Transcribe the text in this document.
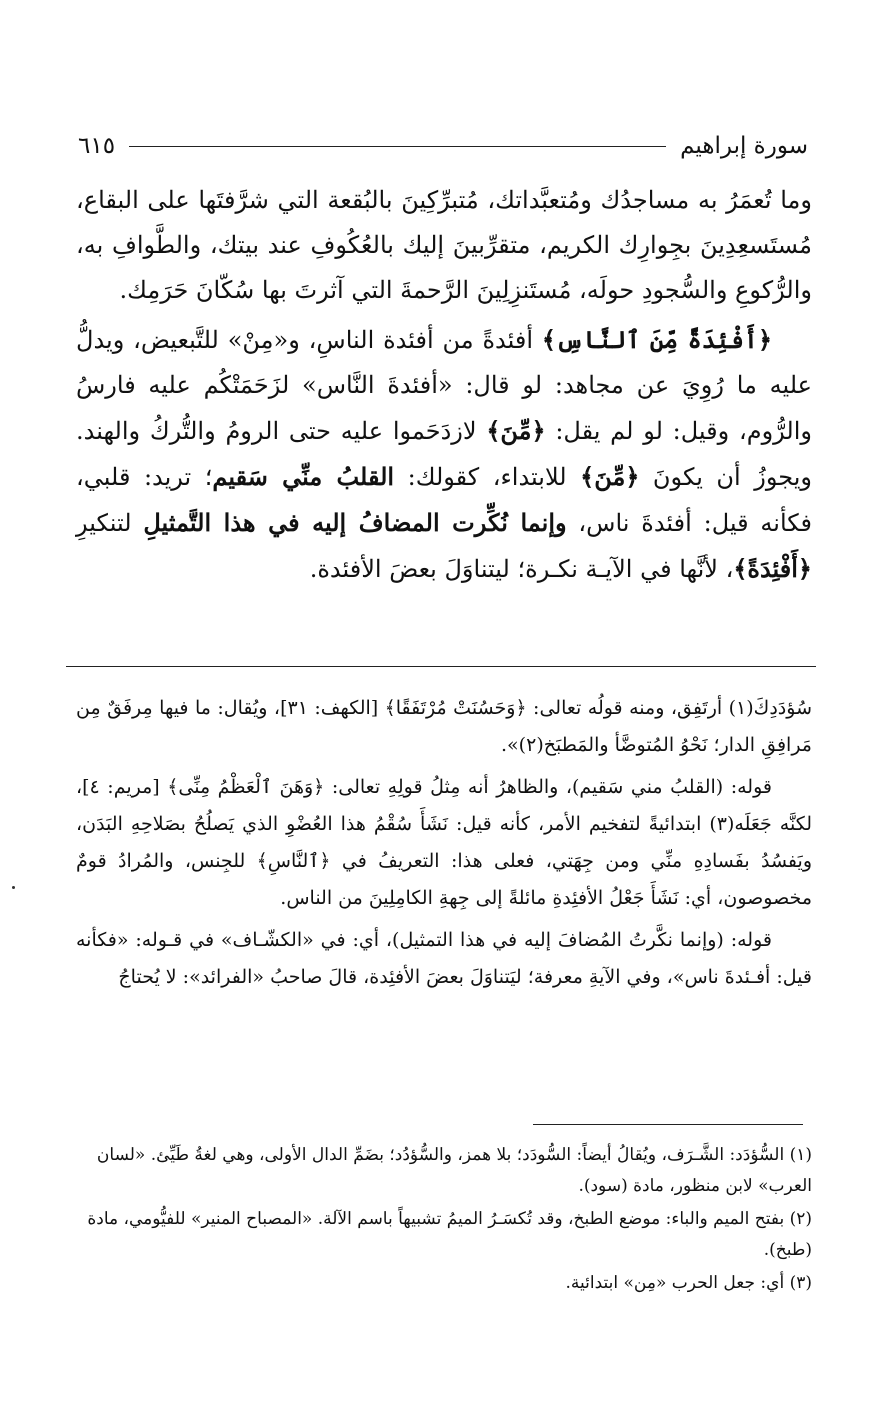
سورة إبراهيم
٦١٥

وما تُعمَرُ به مساجدُك ومُتعبَّداتك، مُتبرِّكِينَ بالبُقعة التي شرَّفتَها على البقاع، مُستَسعِدِينَ بجِوارِك الكريم، متقرِّبينَ إليك بالعُكُوفِ عند بيتك، والطَّوافِ به، والرُّكوعِ والسُّجودِ حولَه، مُستَنزِلِينَ الرَّحمةَ التي آثرتَ بها سُكّانَ حَرَمِك.

﴿أَفْئِدَةً مِّنَ ٱلنَّاسِ﴾ أفئدةً من أفئدة الناسِ، و«مِنْ» للتَّبعيض، ويدلُّ عليه ما رُوِيَ عن مجاهد: لو قال: «أفئدةَ النَّاس» لزَحَمَتْكُم عليه فارسُ والرُّوم، وقيل: لو لم يقل: ﴿مِّنَ﴾ لازدَحَموا عليه حتى الرومُ والتُّركُ والهند. ويجوزُ أن يكونَ ﴿مِّنَ﴾ للابتداء، كقولك: القلبُ منِّي سَقيم؛ تريد: قلبي، فكأنه قيل: أفئدةَ ناس، وإنما نُكِّرت المضافُ إليه في هذا التَّمثيلِ لتنكيرِ ﴿أَفْئِدَةً﴾، لأنَّها في الآيـة نكـرة؛ ليتناوَلَ بعضَ الأفئدة.

سُؤدَدِكَ(١) أرتَفِق، ومنه قولُه تعالى: ﴿وَحَسُنَتْ مُرْتَفَقًا﴾ [الكهف: ٣١]، ويُقال: ما فيها مِرفَقٌ مِن مَرافِقِ الدار؛ نَحْوُ المُتوضَّأ والمَطبَخ(٢)».

قوله: (القلبُ مني سَقيم)، والظاهرُ أنه مِثلُ قولِهِ تعالى: ﴿وَهَنَ ٱلْعَظْمُ مِنِّى﴾ [مريم: ٤]، لكنَّه جَعَلَه(٣) ابتدائيةً لتفخيم الأمر، كأنه قيل: نَشَأَ سُقْمُ هذا العُضْوِ الذي يَصلُحُ بصَلاحِهِ البَدَن، ويَفسُدُ بفَسادِهِ منِّي ومن جِهَتي، فعلى هذا: التعريفُ في ﴿ٱلنَّاسِ﴾ للجِنس، والمُرادُ قومٌ مخصوصون، أي: نَشَأَ جَعْلُ الأفئِدةِ مائلةً إلى جِهةِ الكامِلِينَ من الناس.

قوله: (وإنما نكَّرتُ المُضافَ إليه في هذا التمثيل)، أي: في «الكشّـاف» في قـوله: «فكأنه قيل: أفـئدةَ ناس»، وفي الآيةِ معرفة؛ ليَتناوَلَ بعضَ الأفئِدة، قالَ صاحبُ «الفرائد»: لا يُحتاجُ

(١) السُّؤدَد: الشَّـرَف، ويُقالُ أيضاً: السُّودَد؛ بلا همز، والسُّؤدُد؛ بضَمِّ الدال الأولى، وهي لغةُ طَيِّئ. «لسان العرب» لابن منظور، مادة (سود).

(٢) بفتح الميم والباء: موضع الطبخ، وقد تُكسَـرُ الميمُ تشبيهاً باسم الآلة. «المصباح المنير» للفيُّومي، مادة (طبخ).

(٣) أي: جعل الحرب «مِن» ابتدائية.
